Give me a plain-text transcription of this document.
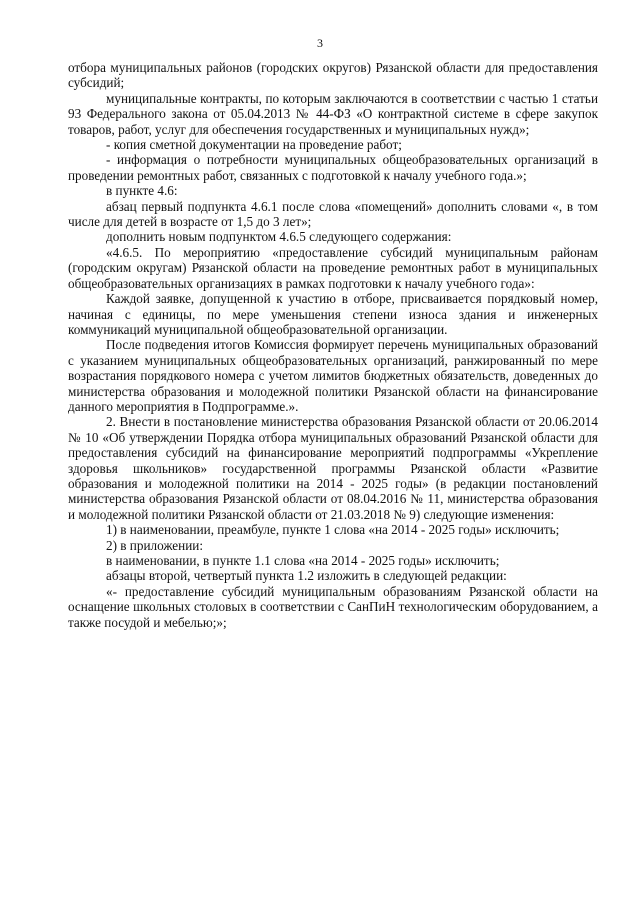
3

отбора муниципальных районов (городских округов) Рязанской области для предоставления субсидий;

муниципальные контракты, по которым заключаются в соответствии с частью 1 статьи 93 Федерального закона от 05.04.2013 № 44-ФЗ «О контрактной системе в сфере закупок товаров, работ, услуг для обеспечения государственных и муниципальных нужд»;

- копия сметной документации на проведение работ;

- информация о потребности муниципальных общеобразовательных организаций в проведении ремонтных работ, связанных с подготовкой к началу учебного года.»;

в пункте 4.6:

абзац первый подпункта 4.6.1 после слова «помещений» дополнить словами «, в том числе для детей в возрасте от 1,5 до 3 лет»;

дополнить новым подпунктом 4.6.5 следующего содержания:

«4.6.5. По мероприятию «предоставление субсидий муниципальным районам (городским округам) Рязанской области на проведение ремонтных работ в муниципальных общеобразовательных организациях в рамках подготовки к началу учебного года»:

Каждой заявке, допущенной к участию в отборе, присваивается порядковый номер, начиная с единицы, по мере уменьшения степени износа здания и инженерных коммуникаций муниципальной общеобразовательной организации.

После подведения итогов Комиссия формирует перечень муниципальных образований с указанием муниципальных общеобразовательных организаций, ранжированный по мере возрастания порядкового номера с учетом лимитов бюджетных обязательств, доведенных до министерства образования и молодежной политики Рязанской области на финансирование данного мероприятия в Подпрограмме.».

2. Внести в постановление министерства образования Рязанской области от 20.06.2014 № 10 «Об утверждении Порядка отбора муниципальных образований Рязанской области для предоставления субсидий на финансирование мероприятий подпрограммы «Укрепление здоровья школьников» государственной программы Рязанской области «Развитие образования и молодежной политики на 2014 - 2025 годы» (в редакции постановлений министерства образования Рязанской области от 08.04.2016 № 11, министерства образования и молодежной политики Рязанской области от 21.03.2018 № 9) следующие изменения:

1) в наименовании, преамбуле, пункте 1 слова «на 2014 - 2025 годы» исключить;

2) в приложении:

в наименовании, в пункте 1.1 слова «на 2014 - 2025 годы» исключить;

абзацы второй, четвертый пункта 1.2 изложить в следующей редакции:

«- предоставление субсидий муниципальным образованиям Рязанской области на оснащение школьных столовых в соответствии с СанПиН технологическим оборудованием, а также посудой и мебелью;»;
